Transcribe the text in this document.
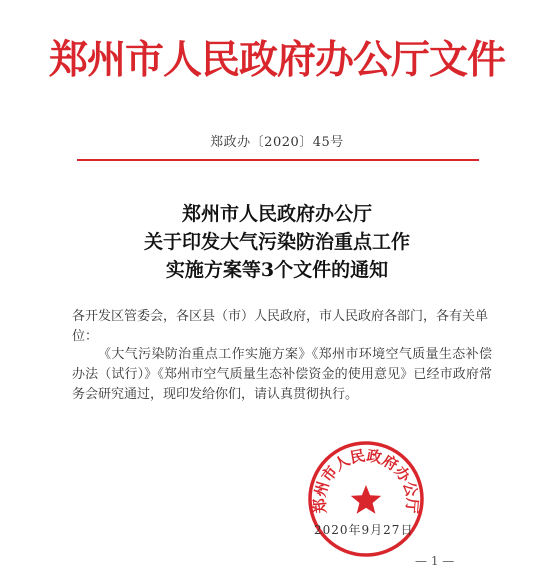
郑州市人民政府办公厅文件
郑政办〔2020〕45号
郑州市人民政府办公厅
关于印发大气污染防治重点工作
实施方案等3个文件的通知
各开发区管委会，各区县（市）人民政府，市人民政府各部门，各有关单位：
《大气污染防治重点工作实施方案》《郑州市环境空气质量生态补偿办法（试行）》《郑州市空气质量生态补偿资金的使用意见》已经市政府常务会研究通过，现印发给你们，请认真贯彻执行。
郑州市人民政府办公厅
2020年9月27日
— 1 —
